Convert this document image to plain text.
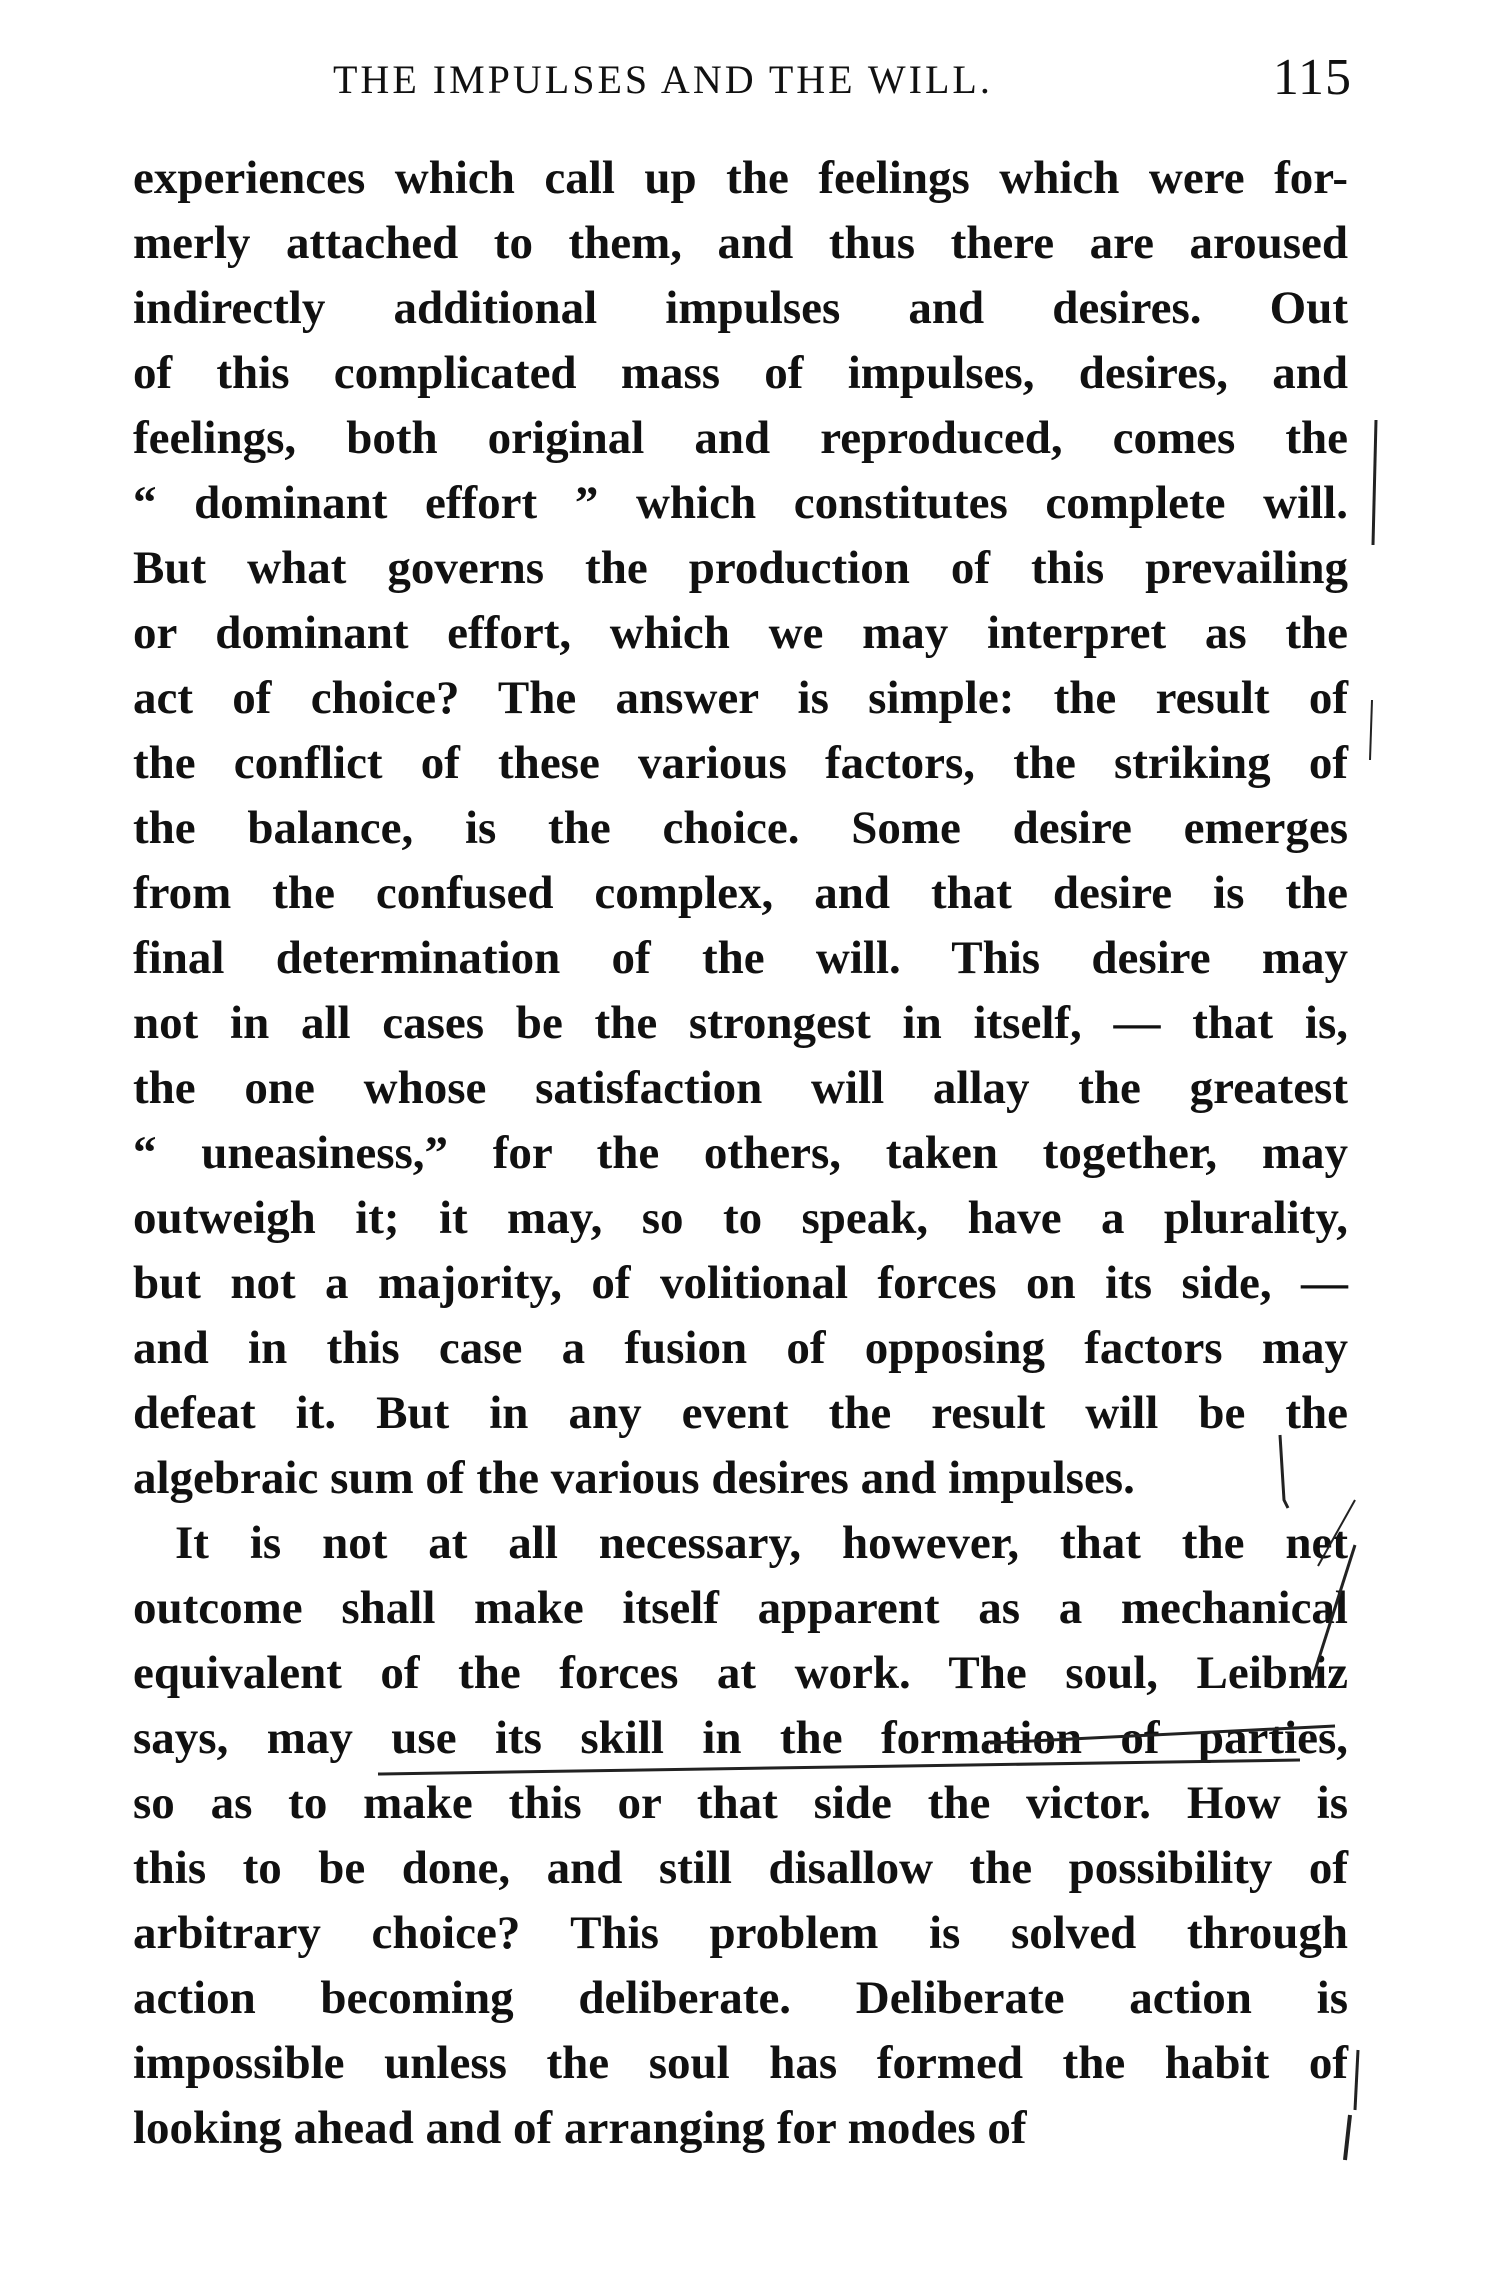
THE IMPULSES AND THE WILL.	115
experiences which call up the feelings which were for-
merly attached to them, and thus there are aroused
indirectly additional impulses and desires. Out
of this complicated mass of impulses, desires, and
feelings, both original and reproduced, comes the
“ dominant effort ” which constitutes complete will.
But what governs the production of this prevailing
or dominant effort, which we may interpret as the
act of choice? The answer is simple: the result of
the conflict of these various factors, the striking of
the balance, is the choice. Some desire emerges
from the confused complex, and that desire is the
final determination of the will. This desire may
not in all cases be the strongest in itself, — that is,
the one whose satisfaction will allay the greatest
“ uneasiness,” for the others, taken together, may
outweigh it; it may, so to speak, have a plurality,
but not a majority, of volitional forces on its side, —
and in this case a fusion of opposing factors may
defeat it. But in any event the result will be the
algebraic sum of the various desires and impulses.
It is not at all necessary, however, that the net
outcome shall make itself apparent as a mechanical
equivalent of the forces at work. The soul, Leibniz
says, may use its skill in the formation of parties,
so as to make this or that side the victor. How is
this to be done, and still disallow the possibility of
arbitrary choice? This problem is solved through
action becoming deliberate. Deliberate action is
impossible unless the soul has formed the habit of
looking ahead and of arranging for modes of
